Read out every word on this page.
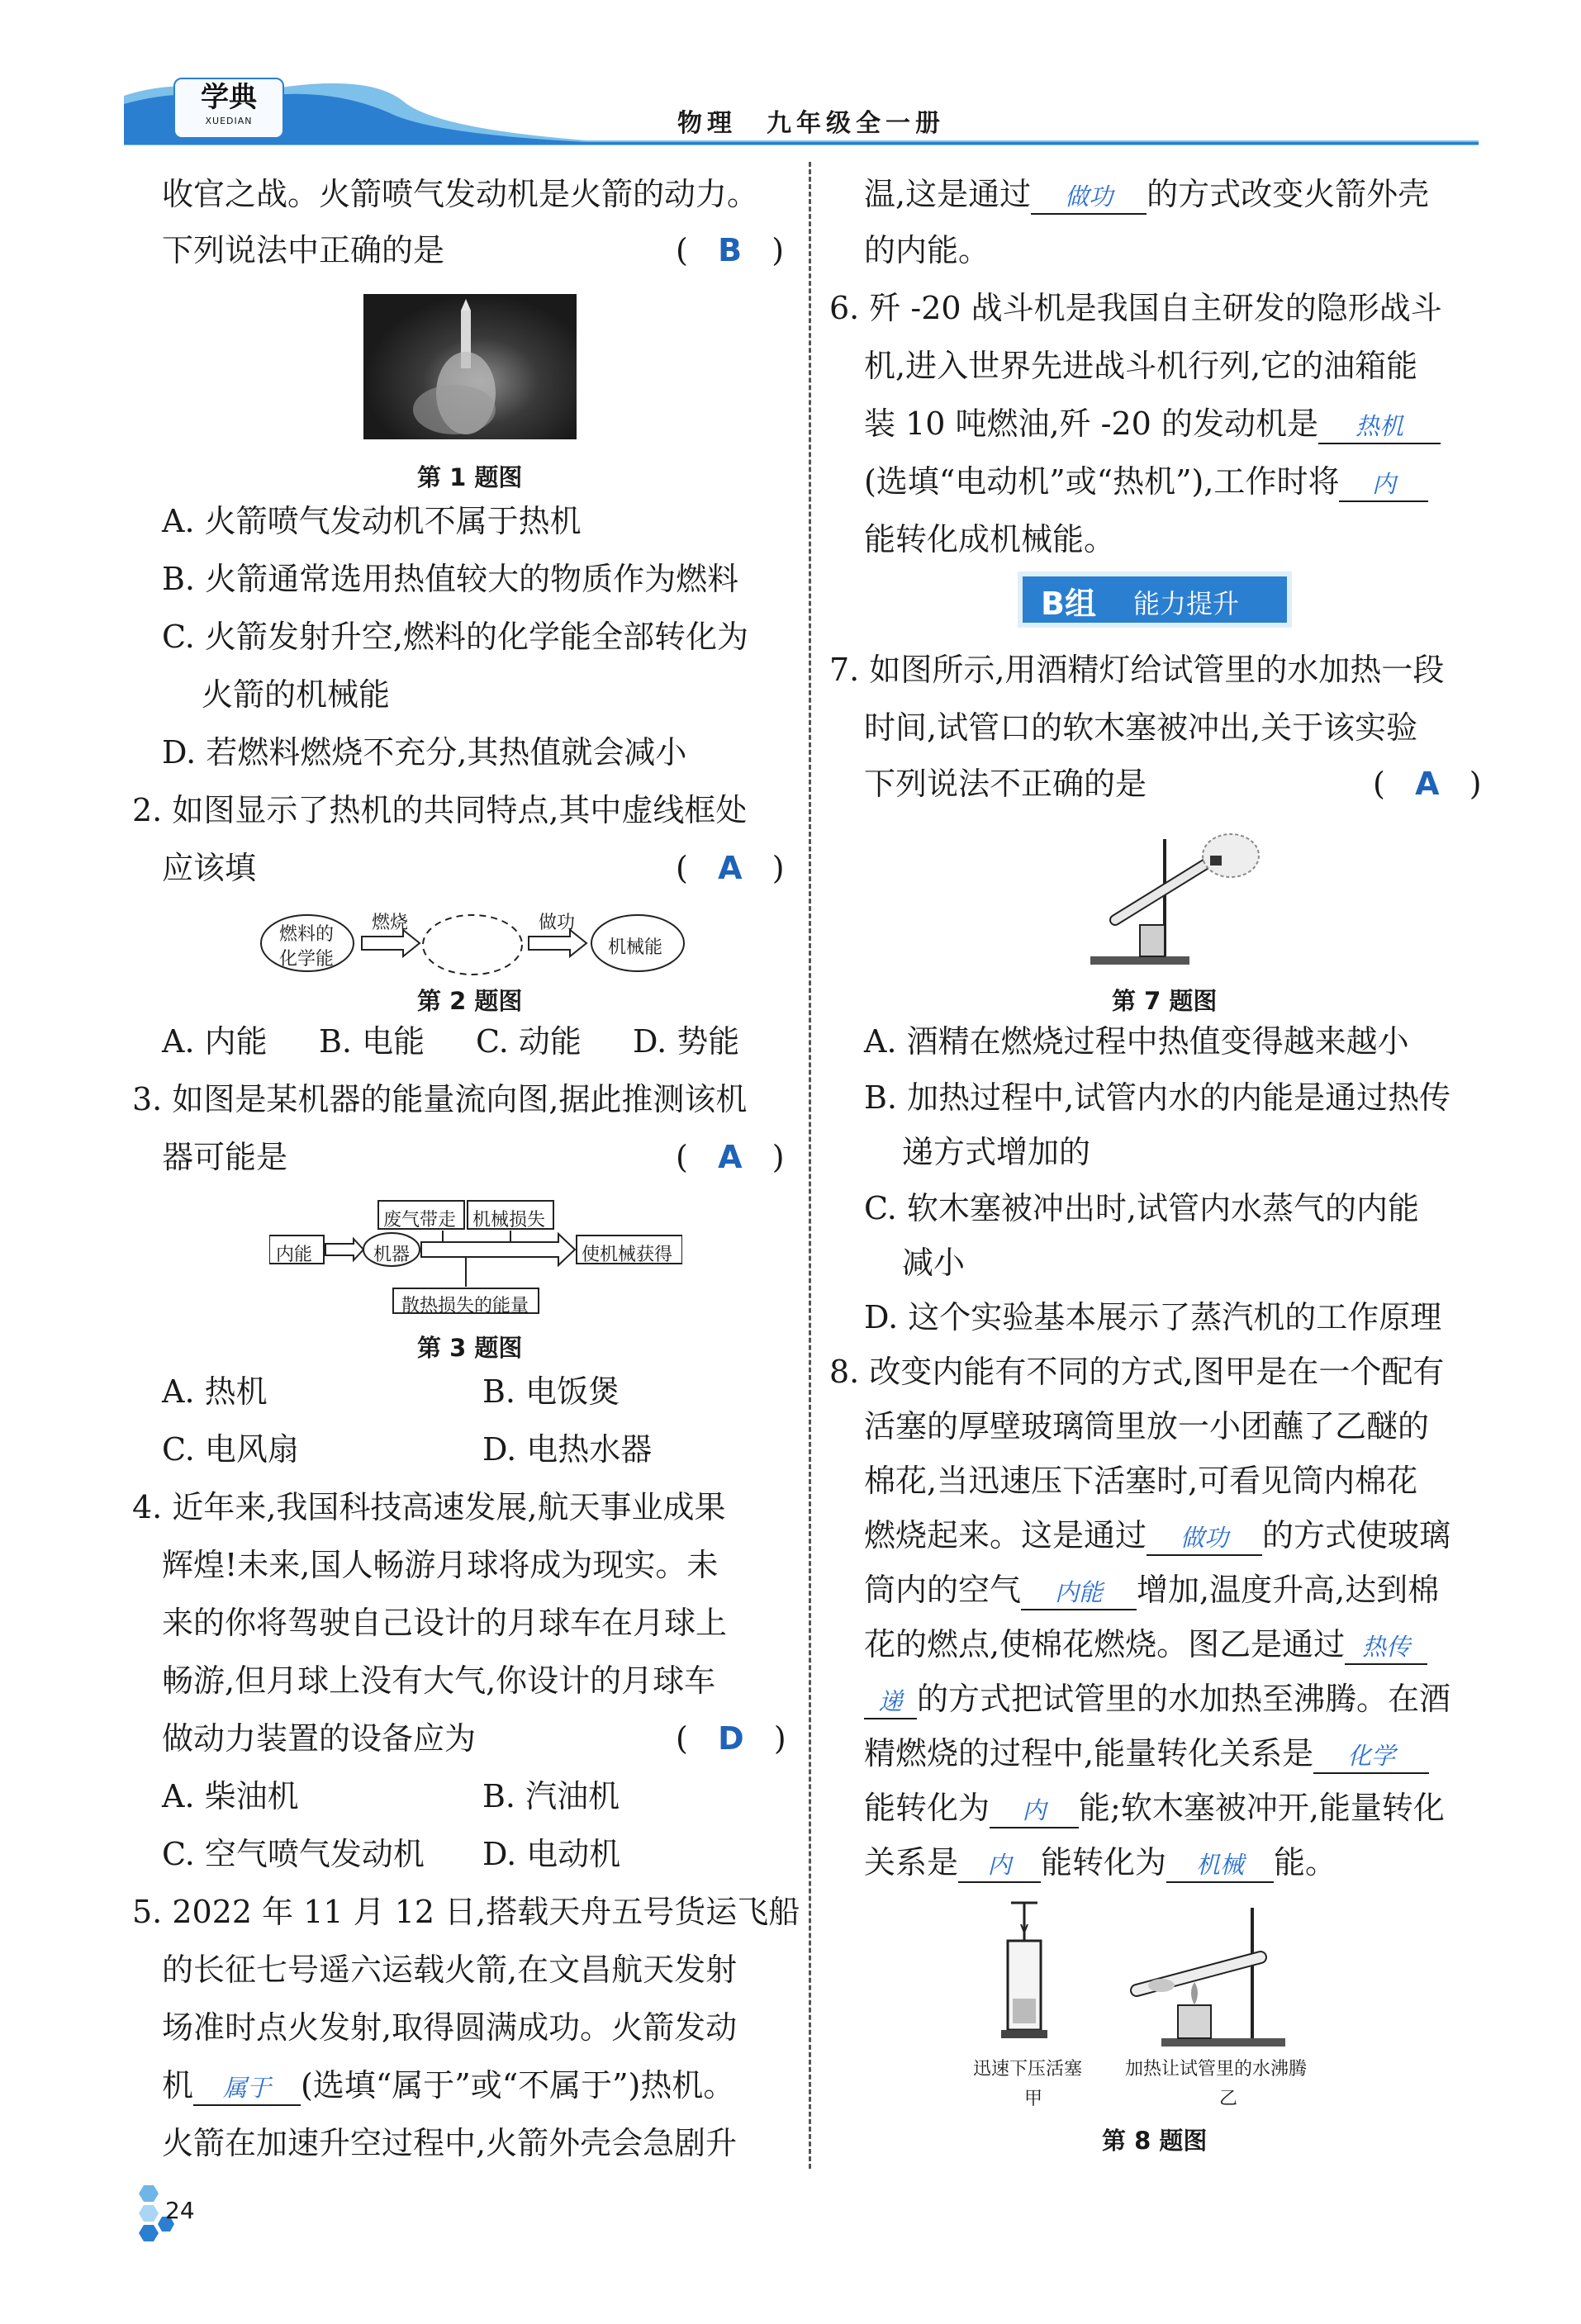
学典
XUEDIAN	物理　九年级全一册
收官之战。火箭喷气发动机是火箭的动力。
下列说法中正确的是	(   B   )
第 1 题图
A. 火箭喷气发动机不属于热机
B. 火箭通常选用热值较大的物质作为燃料
C. 火箭发射升空,燃料的化学能全部转化为
火箭的机械能
D. 若燃料燃烧不充分,其热值就会减小
2. 如图显示了热机的共同特点,其中虚线框处
应该填	(   A   )
燃料的
化学能
燃烧	做功
机械能
第 2 题图
A. 内能 B. 电能 C. 动能 D. 势能
3. 如图是某机器的能量流向图,据此推测该机
器可能是	(   A   )
内能	机器
废气带走 机械损失
使机械获得
散热损失的能量
第 3 题图
A. 热机	B. 电饭煲
C. 电风扇	D. 电热水器
4. 近年来,我国科技高速发展,航天事业成果
辉煌!未来,国人畅游月球将成为现实。未
来的你将驾驶自己设计的月球车在月球上
畅游,但月球上没有大气,你设计的月球车
做动力装置的设备应为	(   D   )
A. 柴油机	B. 汽油机
C. 空气喷气发动机 D. 电动机
5. 2022 年 11 月 12 日,搭载天舟五号货运飞船
的长征七号遥六运载火箭,在文昌航天发射
场准时点火发射,取得圆满成功。火箭发动
机 属于 (选填“属于”或“不属于”)热机。
火箭在加速升空过程中,火箭外壳会急剧升
24
温,这是通过 做功 的方式改变火箭外壳
的内能。
6. 歼 -20 战斗机是我国自主研发的隐形战斗
机,进入世界先进战斗机行列,它的油箱能
装 10 吨燃油,歼 -20 的发动机是 热机
(选填“电动机”或“热机”),工作时将 内
能转化成机械能。
B组 能力提升
7. 如图所示,用酒精灯给试管里的水加热一段
时间,试管口的软木塞被冲出,关于该实验
下列说法不正确的是	(   A   )
第 7 题图
A. 酒精在燃烧过程中热值变得越来越小
B. 加热过程中,试管内水的内能是通过热传
递方式增加的
C. 软木塞被冲出时,试管内水蒸气的内能
减小
D. 这个实验基本展示了蒸汽机的工作原理
8. 改变内能有不同的方式,图甲是在一个配有
活塞的厚壁玻璃筒里放一小团蘸了乙醚的
棉花,当迅速压下活塞时,可看见筒内棉花
燃烧起来。这是通过 做功 的方式使玻璃
筒内的空气 内能 增加,温度升高,达到棉
花的燃点,使棉花燃烧。图乙是通过 热传
递 的方式把试管里的水加热至沸腾。在酒
精燃烧的过程中,能量转化关系是 化学
能转化为 内 能;软木塞被冲开,能量转化
关系是 内 能转化为 机械 能。
迅速下压活塞
甲
加热让试管里的水沸腾
乙
第 8 题图
